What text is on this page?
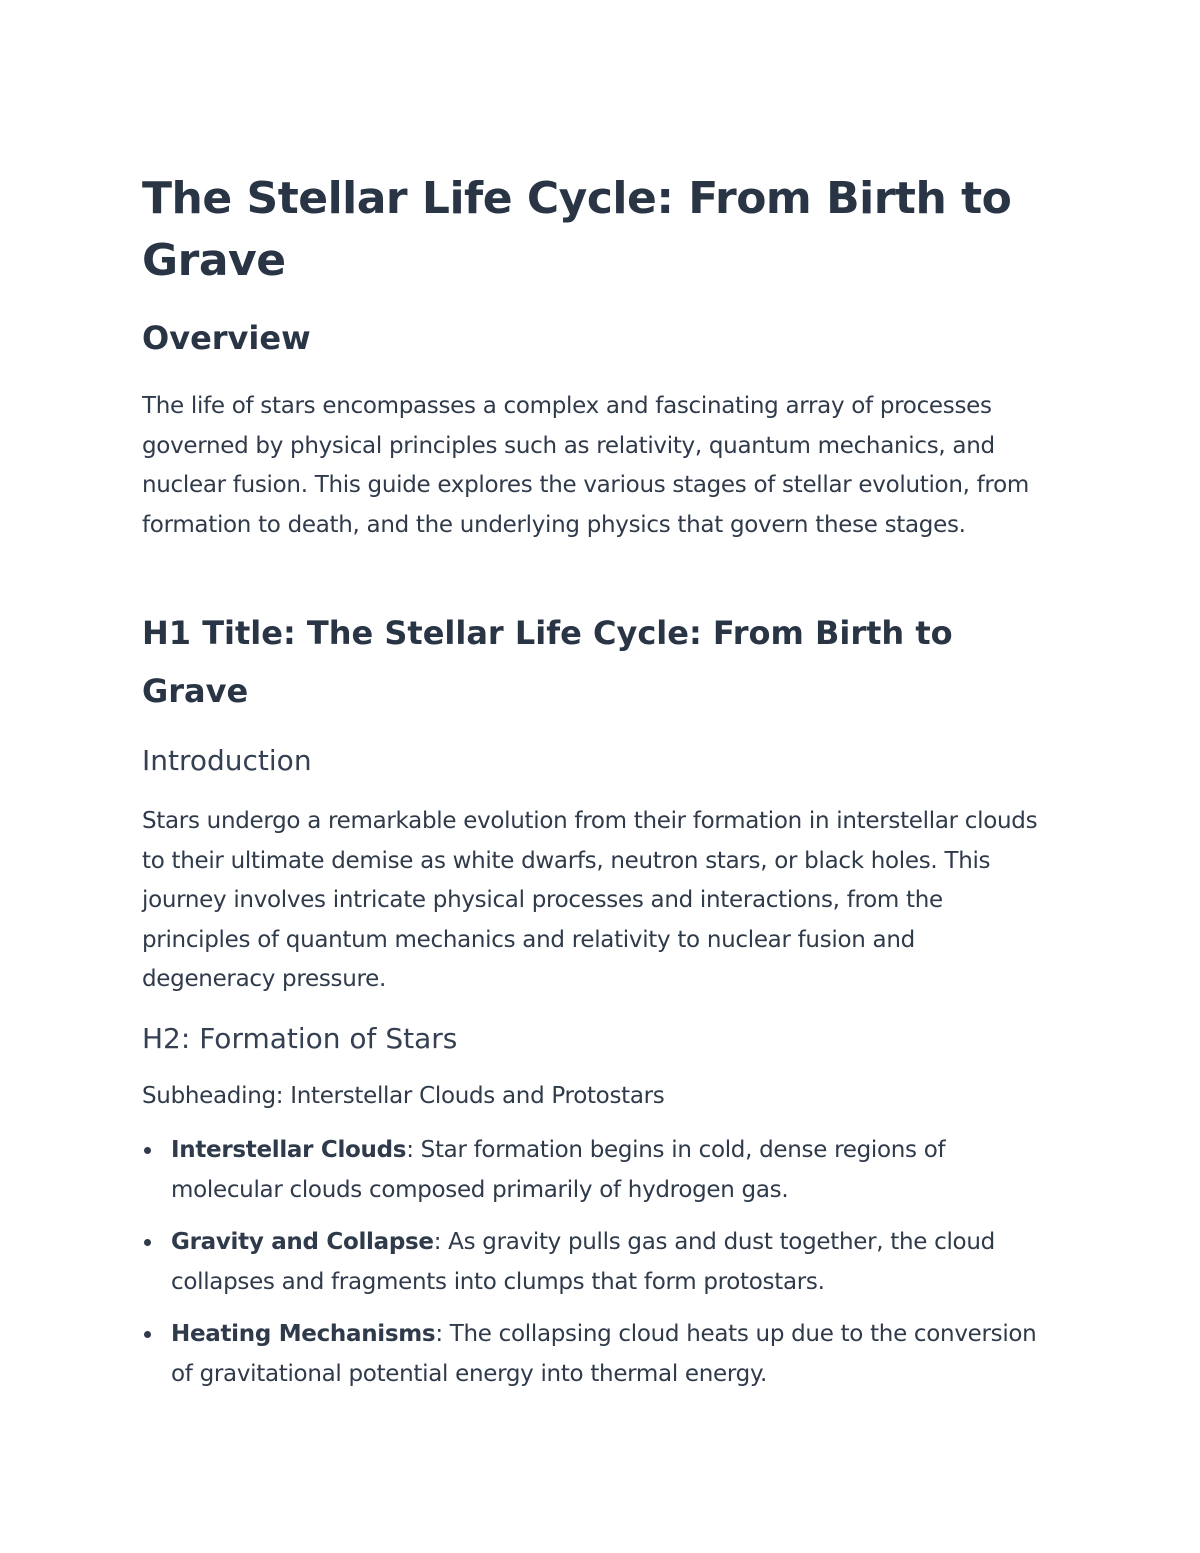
The Stellar Life Cycle: From Birth to Grave
Overview

The life of stars encompasses a complex and fascinating array of processes governed by physical principles such as relativity, quantum mechanics, and nuclear fusion. This guide explores the various stages of stellar evolution, from formation to death, and the underlying physics that govern these stages.

H1 Title: The Stellar Life Cycle: From Birth to Grave
Introduction

Stars undergo a remarkable evolution from their formation in interstellar clouds to their ultimate demise as white dwarfs, neutron stars, or black holes. This journey involves intricate physical processes and interactions, from the principles of quantum mechanics and relativity to nuclear fusion and degeneracy pressure.

H2: Formation of Stars

Subheading: Interstellar Clouds and Protostars

Interstellar Clouds: Star formation begins in cold, dense regions of molecular clouds composed primarily of hydrogen gas.
Gravity and Collapse: As gravity pulls gas and dust together, the cloud collapses and fragments into clumps that form protostars.
Heating Mechanisms: The collapsing cloud heats up due to the conversion of gravitational potential energy into thermal energy.
